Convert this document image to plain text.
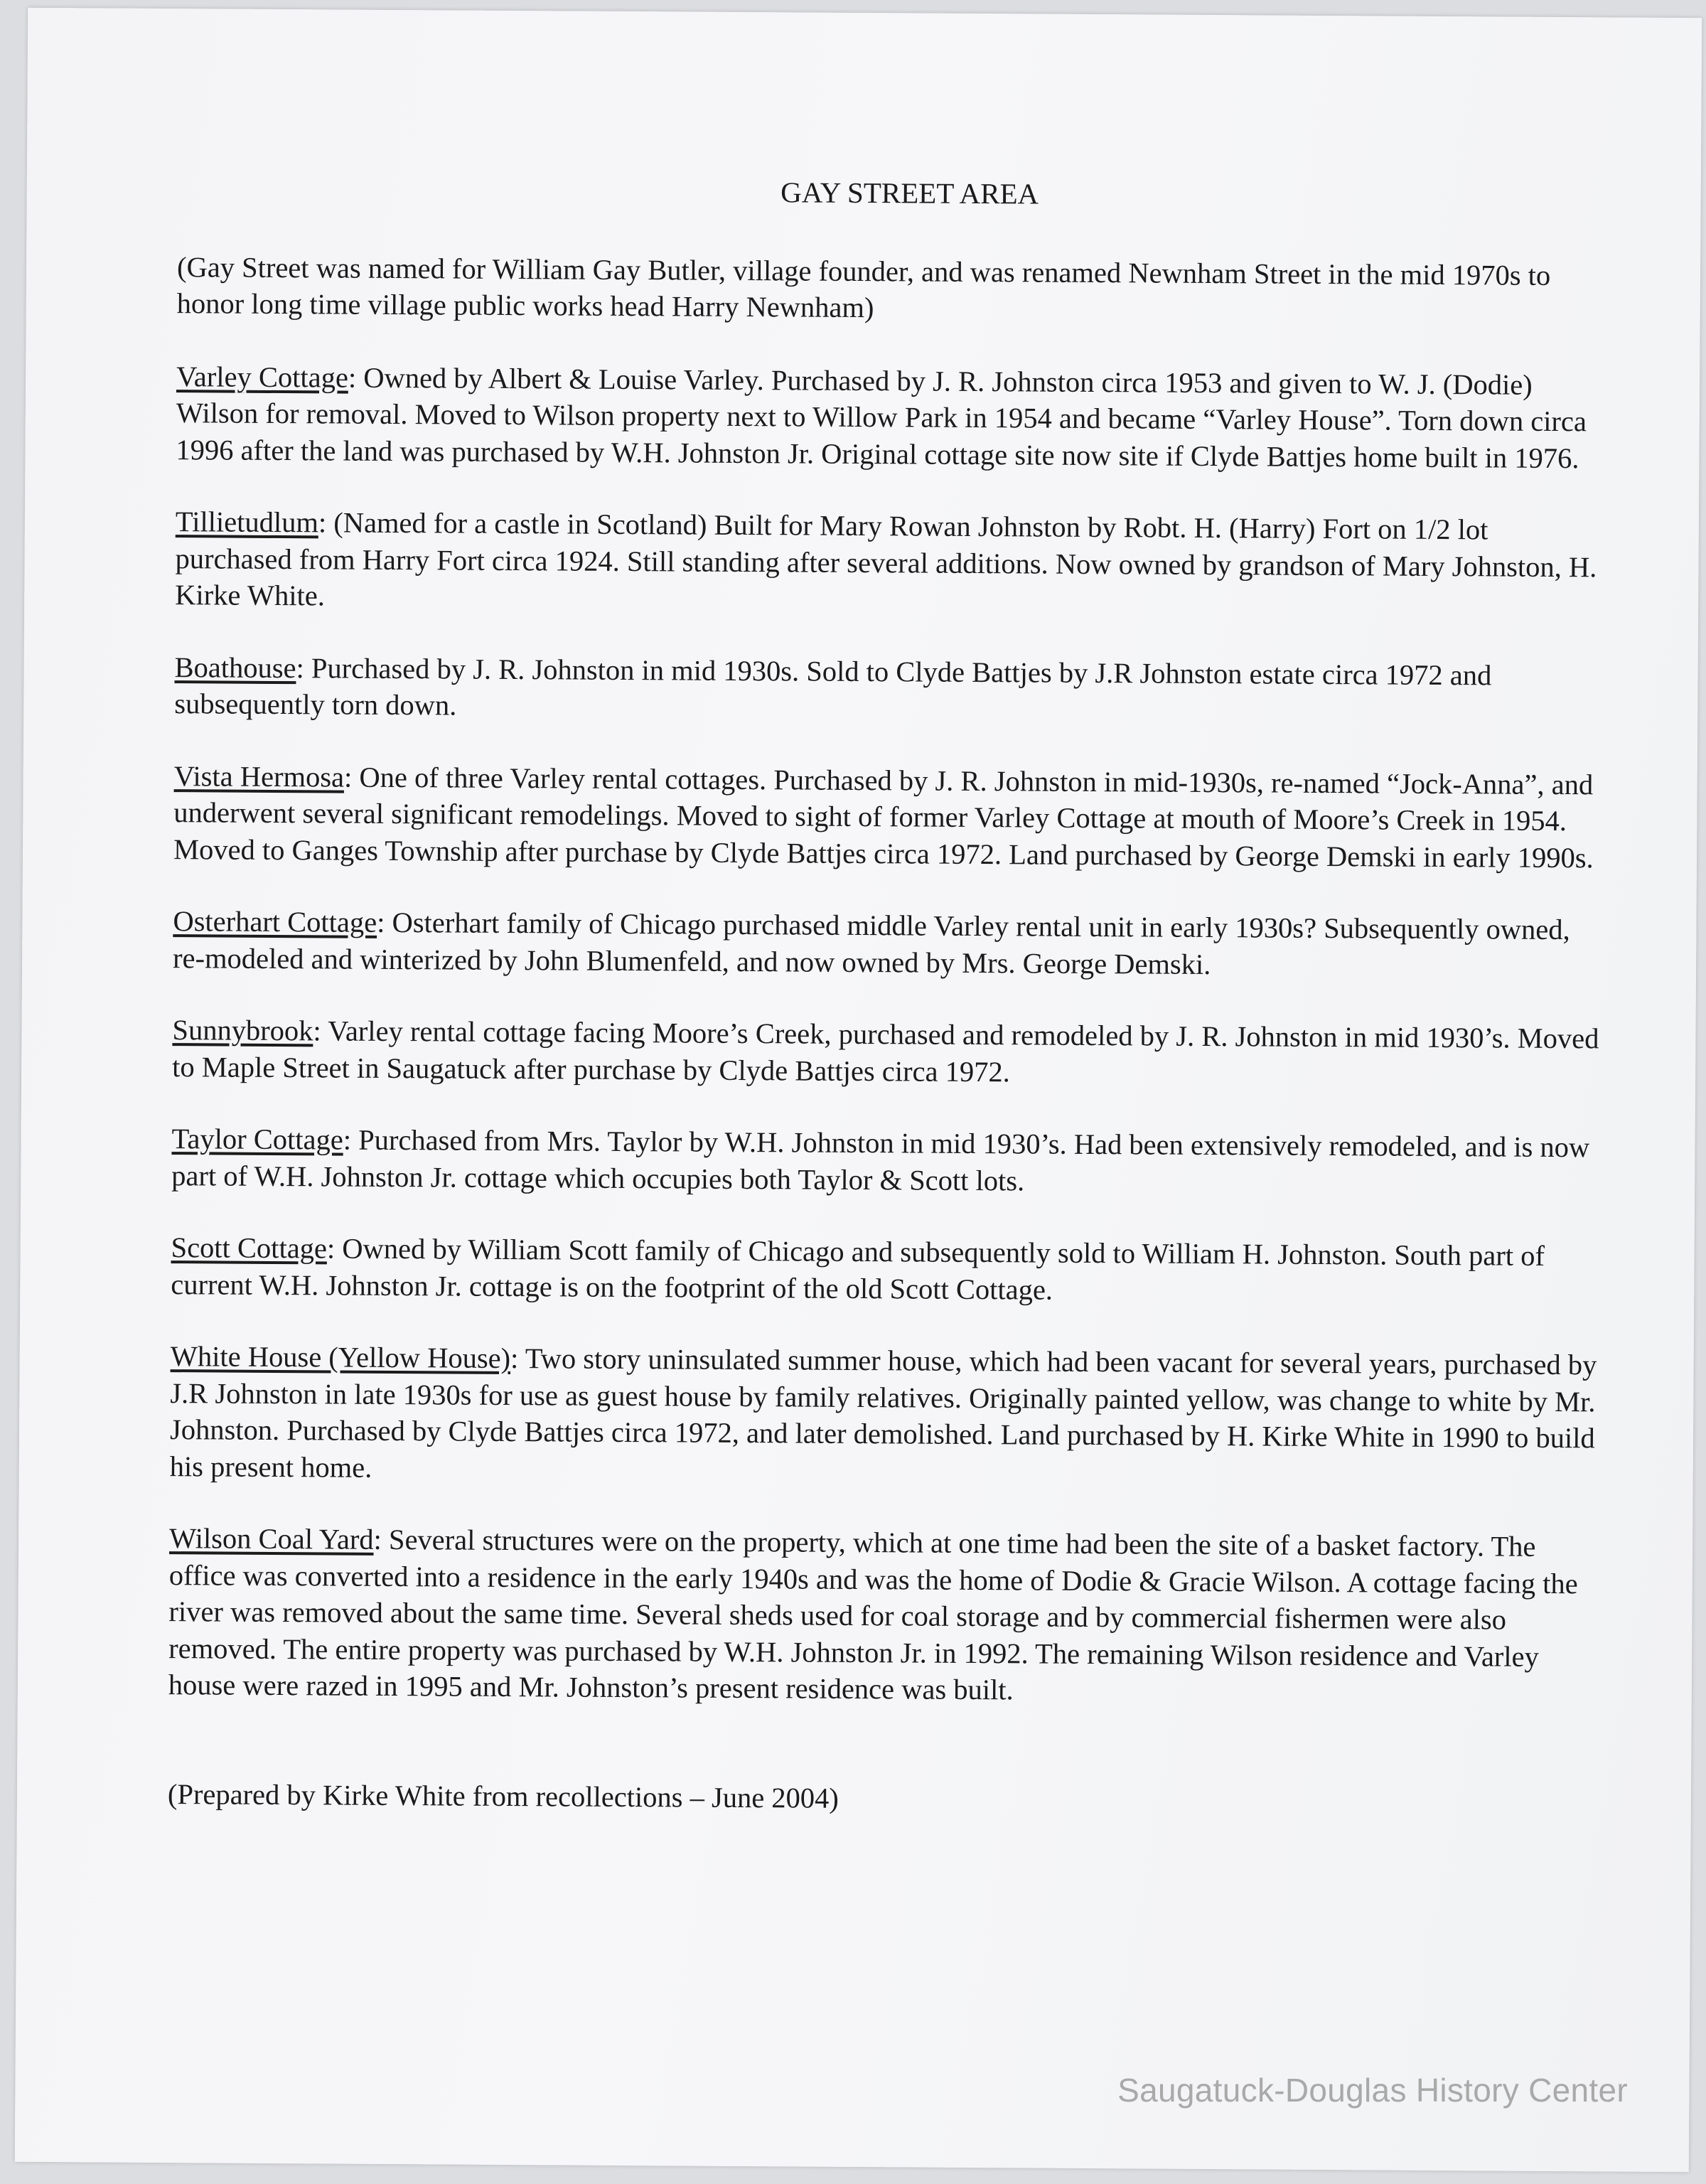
GAY STREET AREA

(Gay Street was named for William Gay Butler, village founder, and was renamed Newnham Street in the mid 1970s to honor long time village public works head Harry Newnham)

Varley Cottage: Owned by Albert & Louise Varley. Purchased by J. R. Johnston circa 1953 and given to W. J. (Dodie) Wilson for removal. Moved to Wilson property next to Willow Park in 1954 and became “Varley House”. Torn down circa 1996 after the land was purchased by W.H. Johnston Jr. Original cottage site now site if Clyde Battjes home built in 1976.

Tillietudlum: (Named for a castle in Scotland) Built for Mary Rowan Johnston by Robt. H. (Harry) Fort on 1/2 lot purchased from Harry Fort circa 1924. Still standing after several additions. Now owned by grandson of Mary Johnston, H. Kirke White.

Boathouse: Purchased by J. R. Johnston in mid 1930s. Sold to Clyde Battjes by J.R Johnston estate circa 1972 and subsequently torn down.

Vista Hermosa: One of three Varley rental cottages. Purchased by J. R. Johnston in mid-1930s, re-named “Jock-Anna”, and underwent several significant remodelings. Moved to sight of former Varley Cottage at mouth of Moore’s Creek in 1954. Moved to Ganges Township after purchase by Clyde Battjes circa 1972. Land purchased by George Demski in early 1990s.

Osterhart Cottage: Osterhart family of Chicago purchased middle Varley rental unit in early 1930s? Subsequently owned, re-modeled and winterized by John Blumenfeld, and now owned by Mrs. George Demski.

Sunnybrook: Varley rental cottage facing Moore’s Creek, purchased and remodeled by J. R. Johnston in mid 1930’s. Moved to Maple Street in Saugatuck after purchase by Clyde Battjes circa 1972.

Taylor Cottage: Purchased from Mrs. Taylor by W.H. Johnston in mid 1930’s. Had been extensively remodeled, and is now part of W.H. Johnston Jr. cottage which occupies both Taylor & Scott lots.

Scott Cottage: Owned by William Scott family of Chicago and subsequently sold to William H. Johnston. South part of current W.H. Johnston Jr. cottage is on the footprint of the old Scott Cottage.

White House (Yellow House): Two story uninsulated summer house, which had been vacant for several years, purchased by J.R Johnston in late 1930s for use as guest house by family relatives. Originally painted yellow, was change to white by Mr. Johnston. Purchased by Clyde Battjes circa 1972, and later demolished. Land purchased by H. Kirke White in 1990 to build his present home.

Wilson Coal Yard: Several structures were on the property, which at one time had been the site of a basket factory. The office was converted into a residence in the early 1940s and was the home of Dodie & Gracie Wilson. A cottage facing the river was removed about the same time. Several sheds used for coal storage and by commercial fishermen were also removed. The entire property was purchased by W.H. Johnston Jr. in 1992. The remaining Wilson residence and Varley house were razed in 1995 and Mr. Johnston’s present residence was built.

(Prepared by Kirke White from recollections – June 2004)

Saugatuck-Douglas History Center
